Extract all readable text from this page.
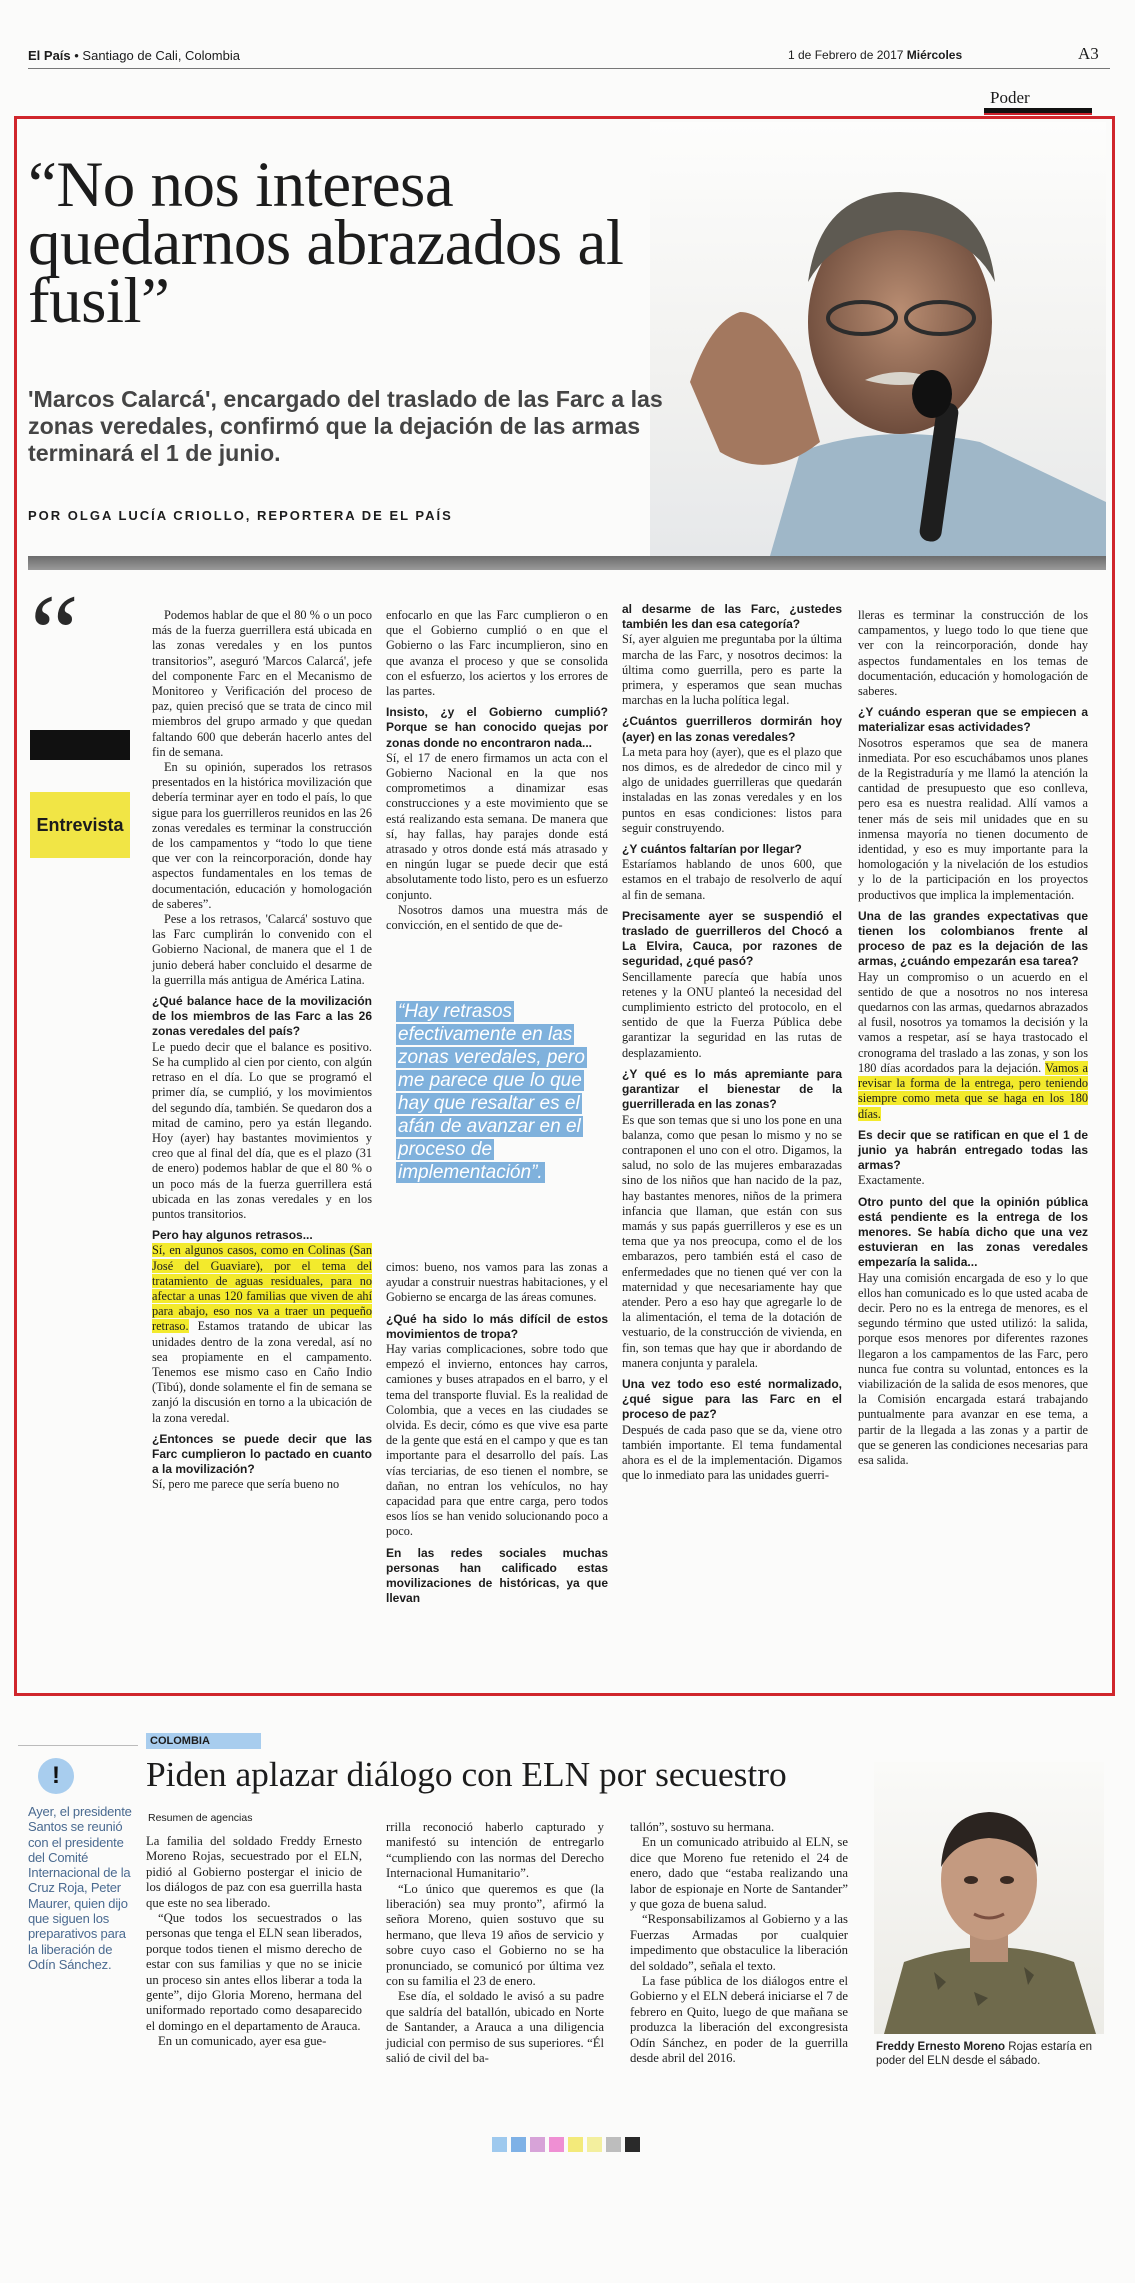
El País • Santiago de Cali, Colombia	1 de Febrero de 2017 Miércoles	A3
Poder
“No nos interesa quedarnos abrazados al fusil”
'Marcos Calarcá', encargado del traslado de las Farc a las zonas veredales, confirmó que la dejación de las armas terminará el 1 de junio.
POR OLGA LUCÍA CRIOLLO, REPORTERA DE EL PAÍS
“
Entrevista

Podemos hablar de que el 80 % o un poco más de la fuerza guerrillera está ubicada en las zonas veredales y en los puntos transitorios”, aseguró 'Marcos Calarcá', jefe del componente Farc en el Mecanismo de Monitoreo y Verificación del proceso de paz, quien precisó que se trata de cinco mil miembros del grupo armado y que quedan faltando 600 que deberán hacerlo antes del fin de semana.

En su opinión, superados los retrasos presentados en la histórica movilización que debería terminar ayer en todo el país, lo que sigue para los guerrilleros reunidos en las 26 zonas veredales es terminar la construcción de los campamentos y “todo lo que tiene que ver con la reincorporación, donde hay aspectos fundamentales en los temas de documentación, educación y homologación de saberes”.

Pese a los retrasos, 'Calarcá' sostuvo que las Farc cumplirán lo convenido con el Gobierno Nacional, de manera que el 1 de junio deberá haber concluido el desarme de la guerrilla más antigua de América Latina.

¿Qué balance hace de la movilización de los miembros de las Farc a las 26 zonas veredales del país?

Le puedo decir que el balance es positivo. Se ha cumplido al cien por ciento, con algún retraso en el día. Lo que se programó el primer día, se cumplió, y los movimientos del segundo día, también. Se quedaron dos a mitad de camino, pero ya están llegando. Hoy (ayer) hay bastantes movimientos y creo que al final del día, que es el plazo (31 de enero) podemos hablar de que el 80 % o un poco más de la fuerza guerrillera está ubicada en las zonas veredales y en los puntos transitorios.

Pero hay algunos retrasos...

Sí, en algunos casos, como en Colinas (San José del Guaviare), por el tema del tratamiento de aguas residuales, para no afectar a unas 120 familias que viven de ahí para abajo, eso nos va a traer un pequeño retraso. Estamos tratando de ubicar las unidades dentro de la zona veredal, así no sea propiamente en el campamento. Tenemos ese mismo caso en Caño Indio (Tibú), donde solamente el fin de semana se zanjó la discusión en torno a la ubicación de la zona veredal.

¿Entonces se puede decir que las Farc cumplieron lo pactado en cuanto a la movilización?

Sí, pero me parece que sería bueno no

enfocarlo en que las Farc cumplieron o en que el Gobierno cumplió o en que el Gobierno o las Farc incumplieron, sino en que avanza el proceso y que se consolida con el esfuerzo, los aciertos y los errores de las partes.

Insisto, ¿y el Gobierno cumplió? Porque se han conocido quejas por zonas donde no encontraron nada...

Sí, el 17 de enero firmamos un acta con el Gobierno Nacional en la que nos comprometimos a dinamizar esas construcciones y a este movimiento que se está realizando esta semana. De manera que sí, hay fallas, hay parajes donde está atrasado y otros donde está más atrasado y en ningún lugar se puede decir que está absolutamente todo listo, pero es un esfuerzo conjunto.

Nosotros damos una muestra más de convicción, en el sentido de que de-

“Hay retrasos efectivamente en las zonas veredales, pero me parece que lo que hay que resaltar es el afán de avanzar en el proceso de implementación”.

cimos: bueno, nos vamos para las zonas a ayudar a construir nuestras habitaciones, y el Gobierno se encarga de las áreas comunes.

¿Qué ha sido lo más difícil de estos movimientos de tropa?

Hay varias complicaciones, sobre todo que empezó el invierno, entonces hay carros, camiones y buses atrapados en el barro, y el tema del transporte fluvial. Es la realidad de Colombia, que a veces en las ciudades se olvida. Es decir, cómo es que vive esa parte de la gente que está en el campo y que es tan importante para el desarrollo del país. Las vías terciarias, de eso tienen el nombre, se dañan, no entran los vehículos, no hay capacidad para que entre carga, pero todos esos líos se han venido solucionando poco a poco.

En las redes sociales muchas personas han calificado estas movilizaciones de históricas, ya que llevan

al desarme de las Farc, ¿ustedes también les dan esa categoría?

Sí, ayer alguien me preguntaba por la última marcha de las Farc, y nosotros decimos: la última como guerrilla, pero es parte la primera, y esperamos que sean muchas marchas en la lucha política legal.

¿Cuántos guerrilleros dormirán hoy (ayer) en las zonas veredales?

La meta para hoy (ayer), que es el plazo que nos dimos, es de alrededor de cinco mil y algo de unidades guerrilleras que quedarán instaladas en las zonas veredales y en los puntos en esas condiciones: listos para seguir construyendo.

¿Y cuántos faltarían por llegar?

Estaríamos hablando de unos 600, que estamos en el trabajo de resolverlo de aquí al fin de semana.

Precisamente ayer se suspendió el traslado de guerrilleros del Chocó a La Elvira, Cauca, por razones de seguridad, ¿qué pasó?

Sencillamente parecía que había unos retenes y la ONU planteó la necesidad del cumplimiento estricto del protocolo, en el sentido de que la Fuerza Pública debe garantizar la seguridad en las rutas de desplazamiento.

¿Y qué es lo más apremiante para garantizar el bienestar de la guerrillerada en las zonas?

Es que son temas que si uno los pone en una balanza, como que pesan lo mismo y no se contraponen el uno con el otro. Digamos, la salud, no solo de las mujeres embarazadas sino de los niños que han nacido de la paz, hay bastantes menores, niños de la primera infancia que llaman, que están con sus mamás y sus papás guerrilleros y ese es un tema que ya nos preocupa, como el de los embarazos, pero también está el caso de enfermedades que no tienen qué ver con la maternidad y que necesariamente hay que atender. Pero a eso hay que agregarle lo de la alimentación, el tema de la dotación de vestuario, de la construcción de vivienda, en fin, son temas que hay que ir abordando de manera conjunta y paralela.

Una vez todo eso esté normalizado, ¿qué sigue para las Farc en el proceso de paz?

Después de cada paso que se da, viene otro también importante. El tema fundamental ahora es el de la implementación. Digamos que lo inmediato para las unidades guerri-

lleras es terminar la construcción de los campamentos, y luego todo lo que tiene que ver con la reincorporación, donde hay aspectos fundamentales en los temas de documentación, educación y homologación de saberes.

¿Y cuándo esperan que se empiecen a materializar esas actividades?

Nosotros esperamos que sea de manera inmediata. Por eso escuchábamos unos planes de la Registraduría y me llamó la atención la cantidad de presupuesto que eso conlleva, pero esa es nuestra realidad. Allí vamos a tener más de seis mil unidades que en su inmensa mayoría no tienen documento de identidad, y eso es muy importante para la homologación y la nivelación de los estudios y lo de la participación en los proyectos productivos que implica la implementación.

Una de las grandes expectativas que tienen los colombianos frente al proceso de paz es la dejación de las armas, ¿cuándo empezarán esa tarea?

Hay un compromiso o un acuerdo en el sentido de que a nosotros no nos interesa quedarnos con las armas, quedarnos abrazados al fusil, nosotros ya tomamos la decisión y la vamos a respetar, así se haya trastocado el cronograma del traslado a las zonas, y son los 180 días acordados para la dejación. Vamos a revisar la forma de la entrega, pero teniendo siempre como meta que se haga en los 180 días.

Es decir que se ratifican en que el 1 de junio ya habrán entregado todas las armas?

Exactamente.

Otro punto del que la opinión pública está pendiente es la entrega de los menores. Se había dicho que una vez estuvieran en las zonas veredales empezaría la salida...

Hay una comisión encargada de eso y lo que ellos han comunicado es lo que usted acaba de decir. Pero no es la entrega de menores, es el segundo término que usted utilizó: la salida, porque esos menores por diferentes razones llegaron a los campamentos de las Farc, pero nunca fue contra su voluntad, entonces es la viabilización de la salida de esos menores, que la Comisión encargada estará trabajando puntualmente para avanzar en ese tema, a partir de la llegada a las zonas y a partir de que se generen las condiciones necesarias para esa salida.

COLOMBIA
!
Ayer, el presidente Santos se reunió con el presidente del Comité Internacional de la Cruz Roja, Peter Maurer, quien dijo que siguen los preparativos para la liberación de Odín Sánchez.
Piden aplazar diálogo con ELN por secuestro
Resumen de agencias

La familia del soldado Freddy Ernesto Moreno Rojas, secuestrado por el ELN, pidió al Gobierno postergar el inicio de los diálogos de paz con esa guerrilla hasta que este no sea liberado.

“Que todos los secuestrados o las personas que tenga el ELN sean liberados, porque todos tienen el mismo derecho de estar con sus familias y que no se inicie un proceso sin antes ellos liberar a toda la gente”, dijo Gloria Moreno, hermana del uniformado reportado como desaparecido el domingo en el departamento de Arauca.

En un comunicado, ayer esa gue-

rrilla reconoció haberlo capturado y manifestó su intención de entregarlo “cumpliendo con las normas del Derecho Internacional Humanitario”.

“Lo único que queremos es que (la liberación) sea muy pronto”, afirmó la señora Moreno, quien sostuvo que su hermano, que lleva 19 años de servicio y sobre cuyo caso el Gobierno no se ha pronunciado, se comunicó por última vez con su familia el 23 de enero.

Ese día, el soldado le avisó a su padre que saldría del batallón, ubicado en Norte de Santander, a Arauca a una diligencia judicial con permiso de sus superiores. “Él salió de civil del ba-

tallón”, sostuvo su hermana.

En un comunicado atribuido al ELN, se dice que Moreno fue retenido el 24 de enero, dado que “estaba realizando una labor de espionaje en Norte de Santander” y que goza de buena salud.

“Responsabilizamos al Gobierno y a las Fuerzas Armadas por cualquier impedimento que obstaculice la liberación del soldado”, señala el texto.

La fase pública de los diálogos entre el Gobierno y el ELN deberá iniciarse el 7 de febrero en Quito, luego de que mañana se produzca la liberación del excongresista Odín Sánchez, en poder de la guerrilla desde abril del 2016.

Freddy Ernesto Moreno Rojas estaría en poder del ELN desde el sábado.
